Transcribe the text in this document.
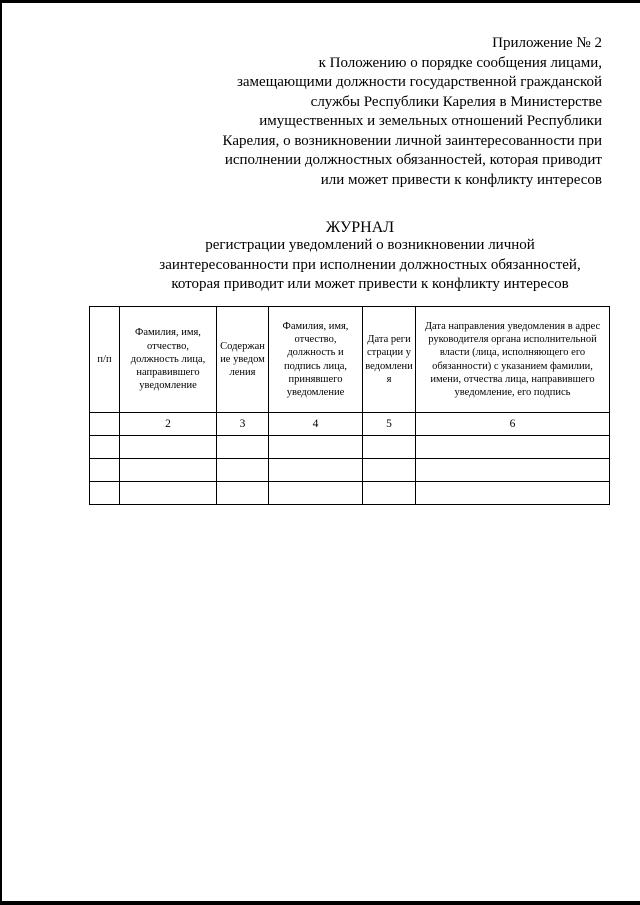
Приложение № 2
к Положению о порядке сообщения лицами,
замещающими должности государственной гражданской
службы Республики Карелия в Министерстве
имущественных и земельных отношений Республики
Карелия, о возникновении личной заинтересованности при
исполнении должностных обязанностей, которая приводит
или может привести к конфликту интересов
ЖУРНАЛ
регистрации уведомлений о возникновении личной
заинтересованности при исполнении должностных обязанностей,
которая приводит или может привести к конфликту интересов
п/п	Фамилия, имя, отчество, должность лица, направившего уведомление	Содержание уведомления	Фамилия, имя, отчество, должность и подпись лица, принявшего уведомление	Дата регистрации уведомления	Дата направления уведомления в адрес руководителя органа исполнительной власти (лица, исполняющего его обязанности) с указанием фамилии, имени, отчества лица, направившего уведомление, его подпись

	2	3	4	5	6
